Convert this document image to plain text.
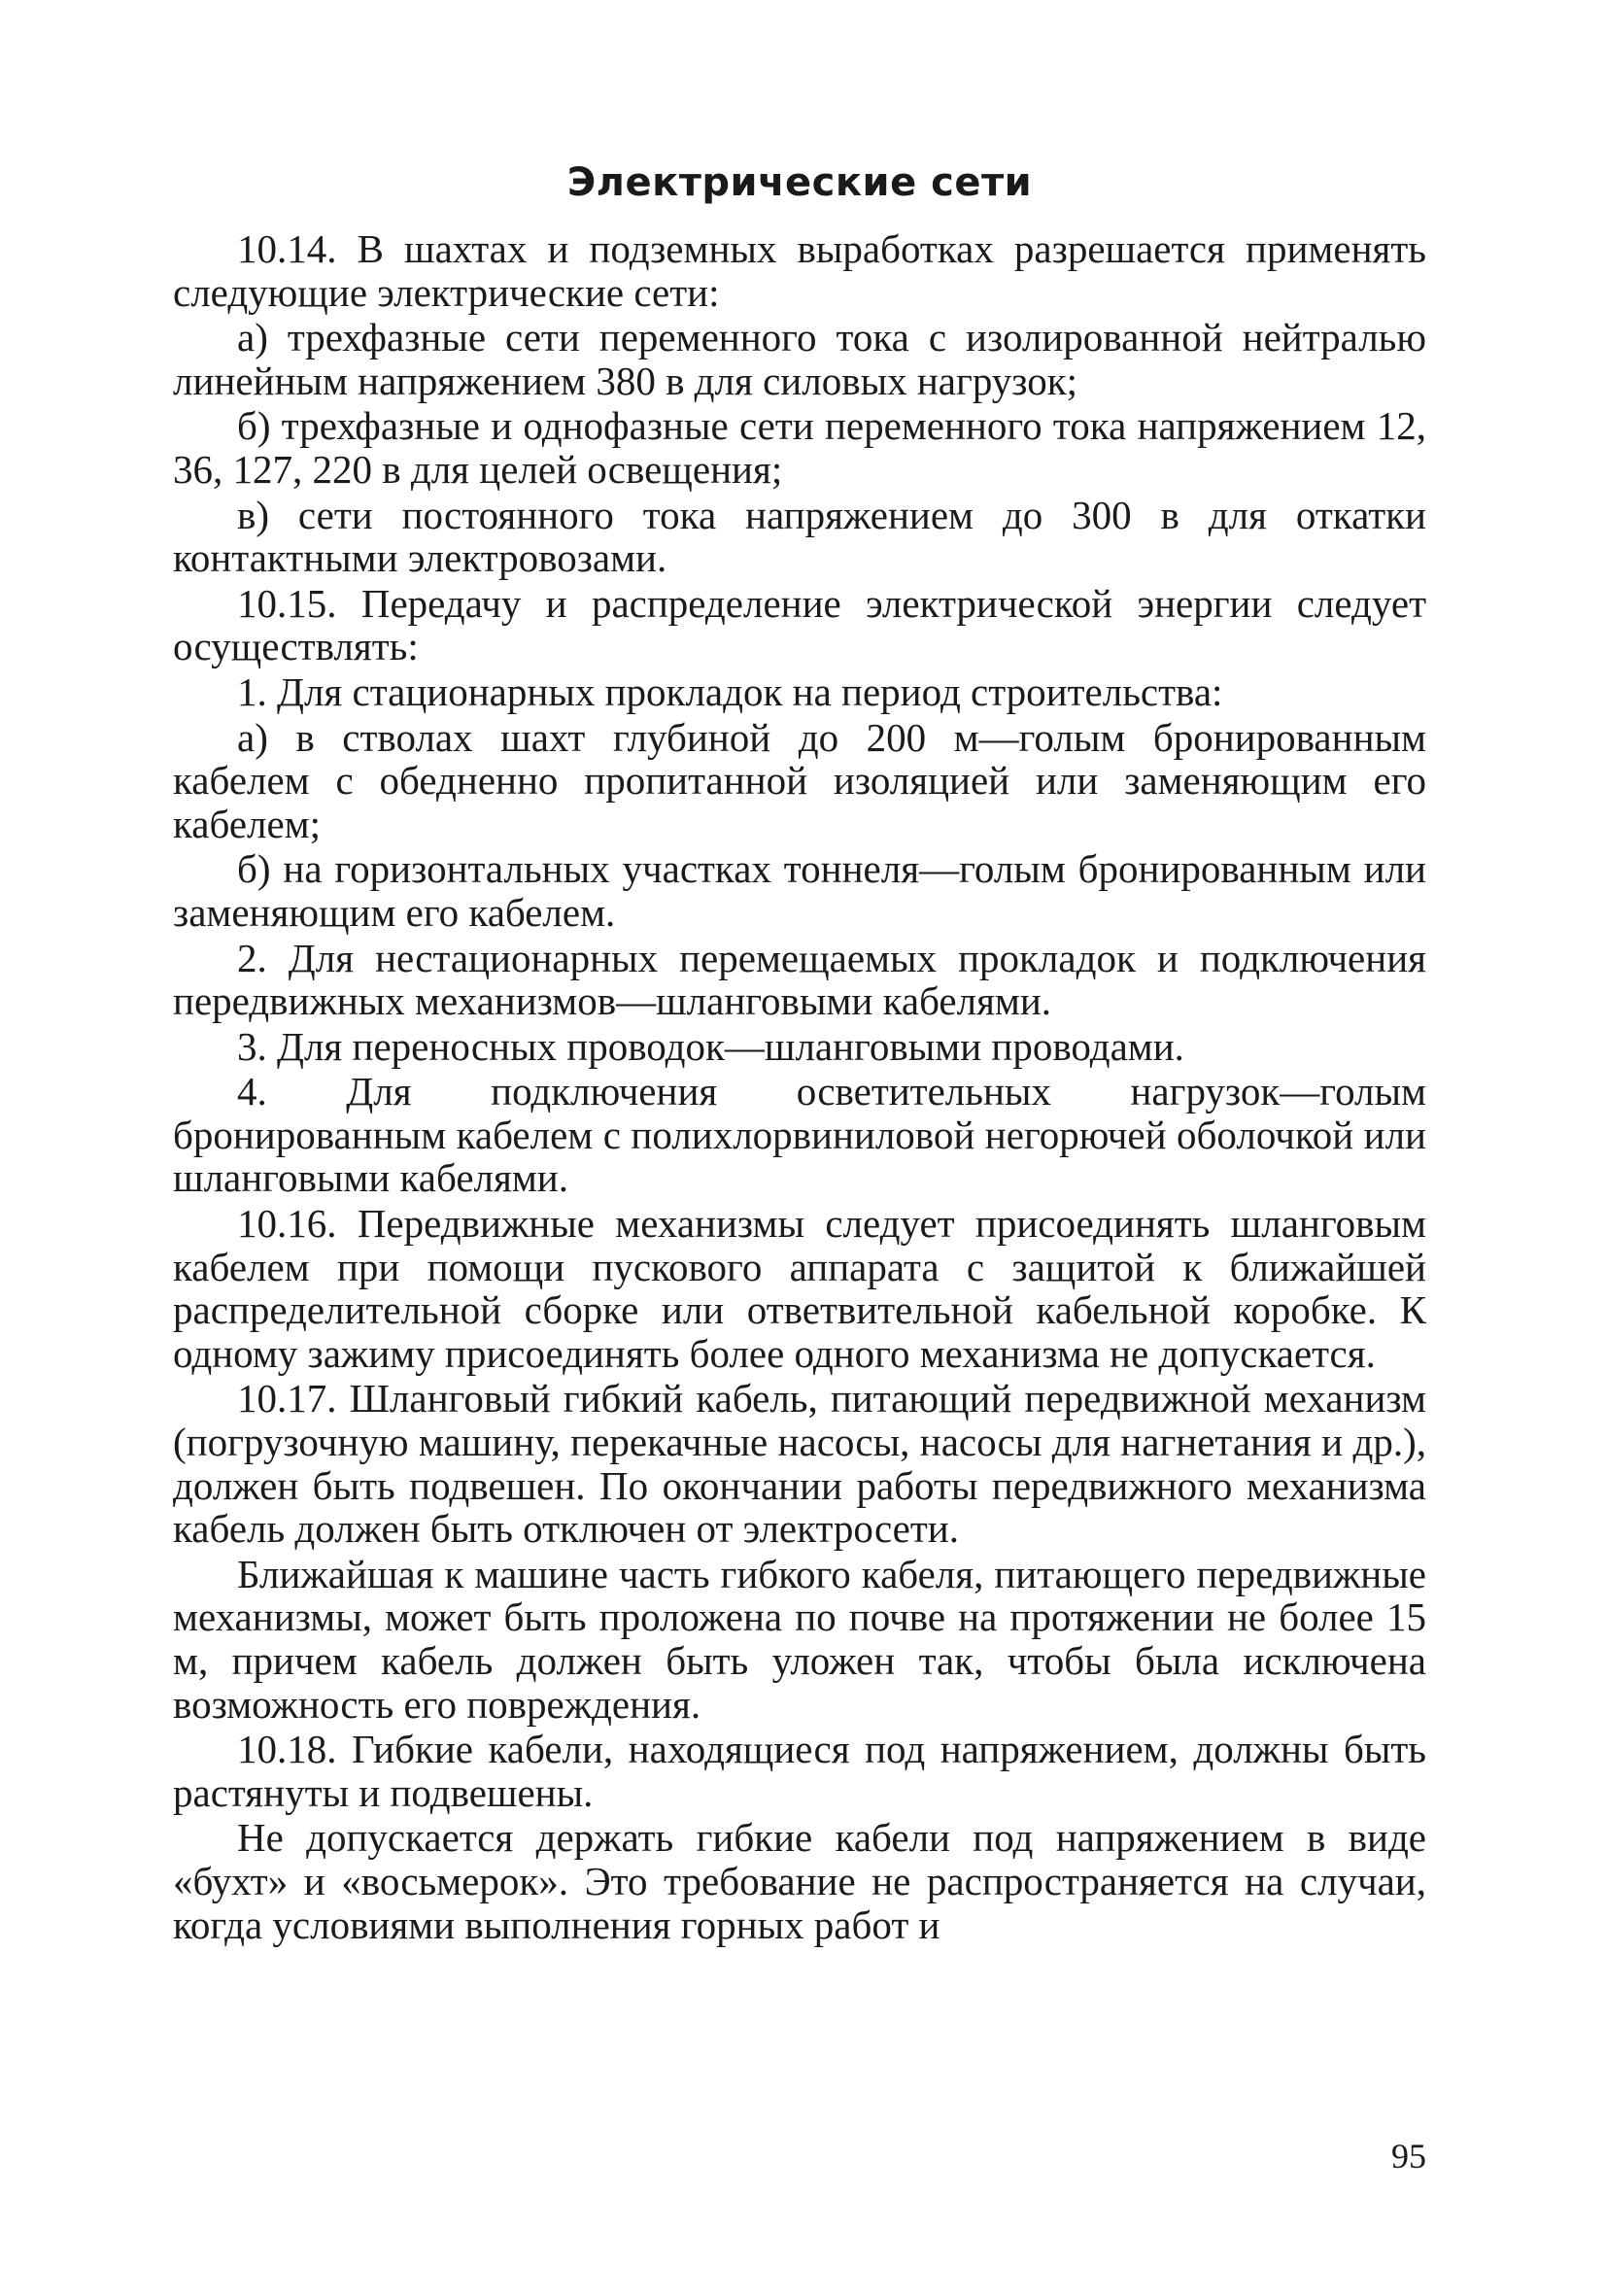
Электрические сети

10.14. В шахтах и подземных выработках разрешается применять следующие электрические сети:

а) трехфазные сети переменного тока с изолированной нейтралью линейным напряжением 380 в для силовых нагрузок;

б) трехфазные и однофазные сети переменного тока напряжением 12, 36, 127, 220 в для целей освещения;

в) сети постоянного тока напряжением до 300 в для откатки контактными электровозами.

10.15. Передачу и распределение электрической энергии следует осуществлять:

1. Для стационарных прокладок на период строительства:

а) в стволах шахт глубиной до 200 м—голым бронированным кабелем с обедненно пропитанной изоляцией или заменяющим его кабелем;

б) на горизонтальных участках тоннеля—голым бронированным или заменяющим его кабелем.

2. Для нестационарных перемещаемых прокладок и подключения передвижных механизмов—шланговыми кабелями.

3. Для переносных проводок—шланговыми проводами.

4. Для подключения осветительных нагрузок—голым бронированным кабелем с полихлорвиниловой негорючей оболочкой или шланговыми кабелями.

10.16. Передвижные механизмы следует присоединять шланговым кабелем при помощи пускового аппарата с защитой к ближайшей распределительной сборке или ответвительной кабельной коробке. К одному зажиму присоединять более одного механизма не допускается.

10.17. Шланговый гибкий кабель, питающий передвижной механизм (погрузочную машину, перекачные насосы, насосы для нагнетания и др.), должен быть подвешен. По окончании работы передвижного механизма кабель должен быть отключен от электросети.

Ближайшая к машине часть гибкого кабеля, питающего передвижные механизмы, может быть проложена по почве на протяжении не более 15 м, причем кабель должен быть уложен так, чтобы была исключена возможность его повреждения.

10.18. Гибкие кабели, находящиеся под напряжением, должны быть растянуты и подвешены.

Не допускается держать гибкие кабели под напряжением в виде «бухт» и «восьмерок». Это требование не распространяется на случаи, когда условиями выполнения горных работ и

95
